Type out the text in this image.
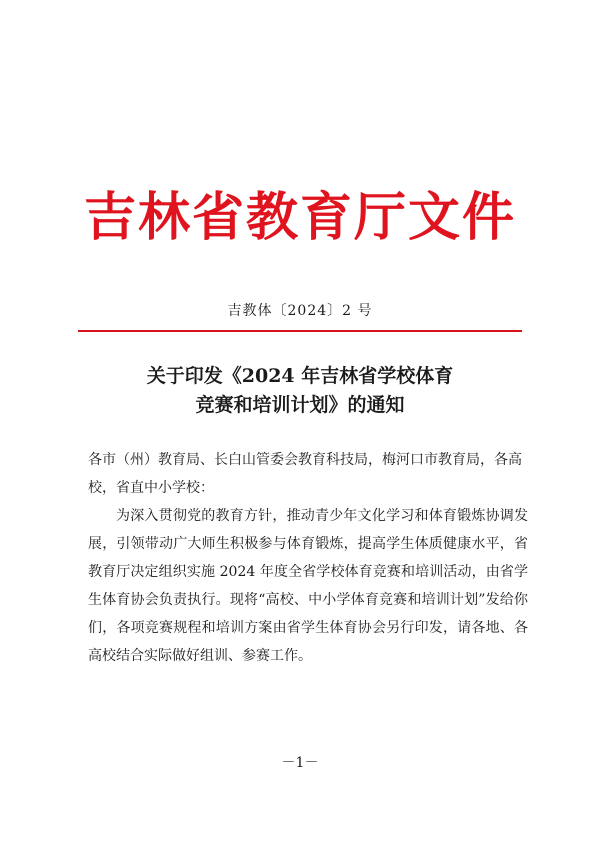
吉林省教育厅文件
吉教体〔2024〕2 号
关于印发《2024 年吉林省学校体育
竞赛和培训计划》的通知
各市（州）教育局、长白山管委会教育科技局，梅河口市教育局，各高校，省直中小学校：

为深入贯彻党的教育方针，推动青少年文化学习和体育锻炼协调发展，引领带动广大师生积极参与体育锻炼，提高学生体质健康水平，省教育厅决定组织实施 2024 年度全省学校体育竞赛和培训活动，由省学生体育协会负责执行。现将“高校、中小学体育竞赛和培训计划”发给你们，各项竞赛规程和培训方案由省学生体育协会另行印发，请各地、各高校结合实际做好组训、参赛工作。

－1－
